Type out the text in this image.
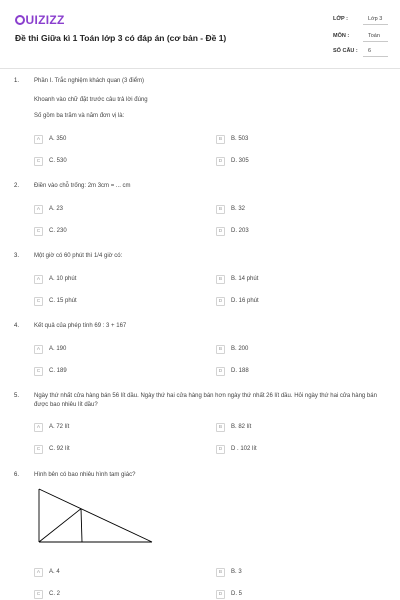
UIZIZZ
Đề thi Giữa kì 1 Toán lớp 3 có đáp án (cơ bản - Đề 1)
LỚP :	Lớp 3
MÔN :	Toán
SỐ CÂU : 6
1. Phần I. Trắc nghiệm khách quan (3 điểm)
Khoanh vào chữ đặt trước câu trả lời đúng
Số gồm ba trăm và năm đơn vị là:
A	A. 350	B	B. 503
C	C. 530	D	D. 305
2. Điền vào chỗ trống: 2m 3cm = ... cm
A	A. 23	B	B. 32
C	C. 230	D	D. 203
3. Một giờ có 60 phút thì 1/4 giờ có:
A	A. 10 phút	B	B. 14 phút
C	C. 15 phút	D	D. 16 phút
4. Kết quả của phép tính 69 : 3 + 167
A	A. 190	B	B. 200
C	C. 189	D	D. 188
5. Ngày thứ nhất cửa hàng bán 56 lít dầu. Ngày thứ hai cửa hàng bán hơn ngày thứ nhất 26 lít dầu. Hỏi ngày thứ hai cửa hàng bán được bao nhiêu lít dầu?
A	A. 72 lít	B	B. 82 lít
C	C. 92 lít	D	D . 102 lít
6. Hình bên có bao nhiêu hình tam giác?
A	A. 4	B	B. 3
C	C. 2	D	D. 5
